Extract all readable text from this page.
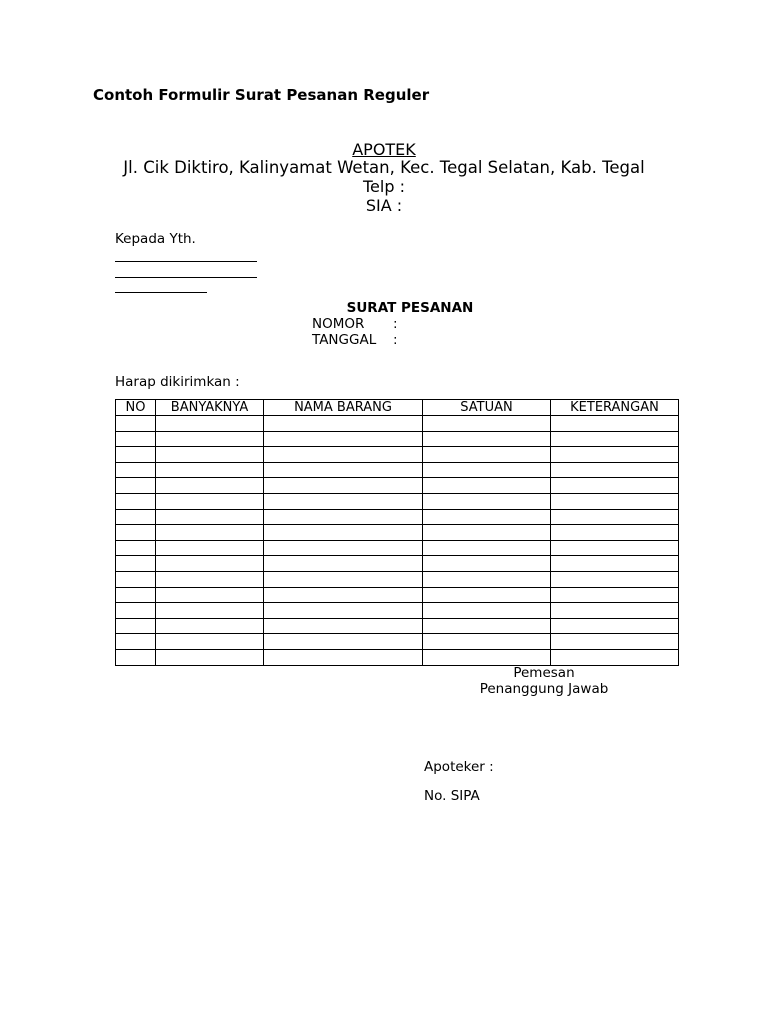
Contoh Formulir Surat Pesanan Reguler
APOTEK
Jl. Cik Diktiro, Kalinyamat Wetan, Kec. Tegal Selatan, Kab. Tegal
Telp :
SIA :
Kepada Yth.
SURAT PESANAN
NOMOR :
TANGGAL :
Harap dikirimkan :
NO	BANYAKNYA	NAMA BARANG	SATUAN	KETERANGAN

Pemesan
Penanggung Jawab
Apoteker :
No. SIPA
